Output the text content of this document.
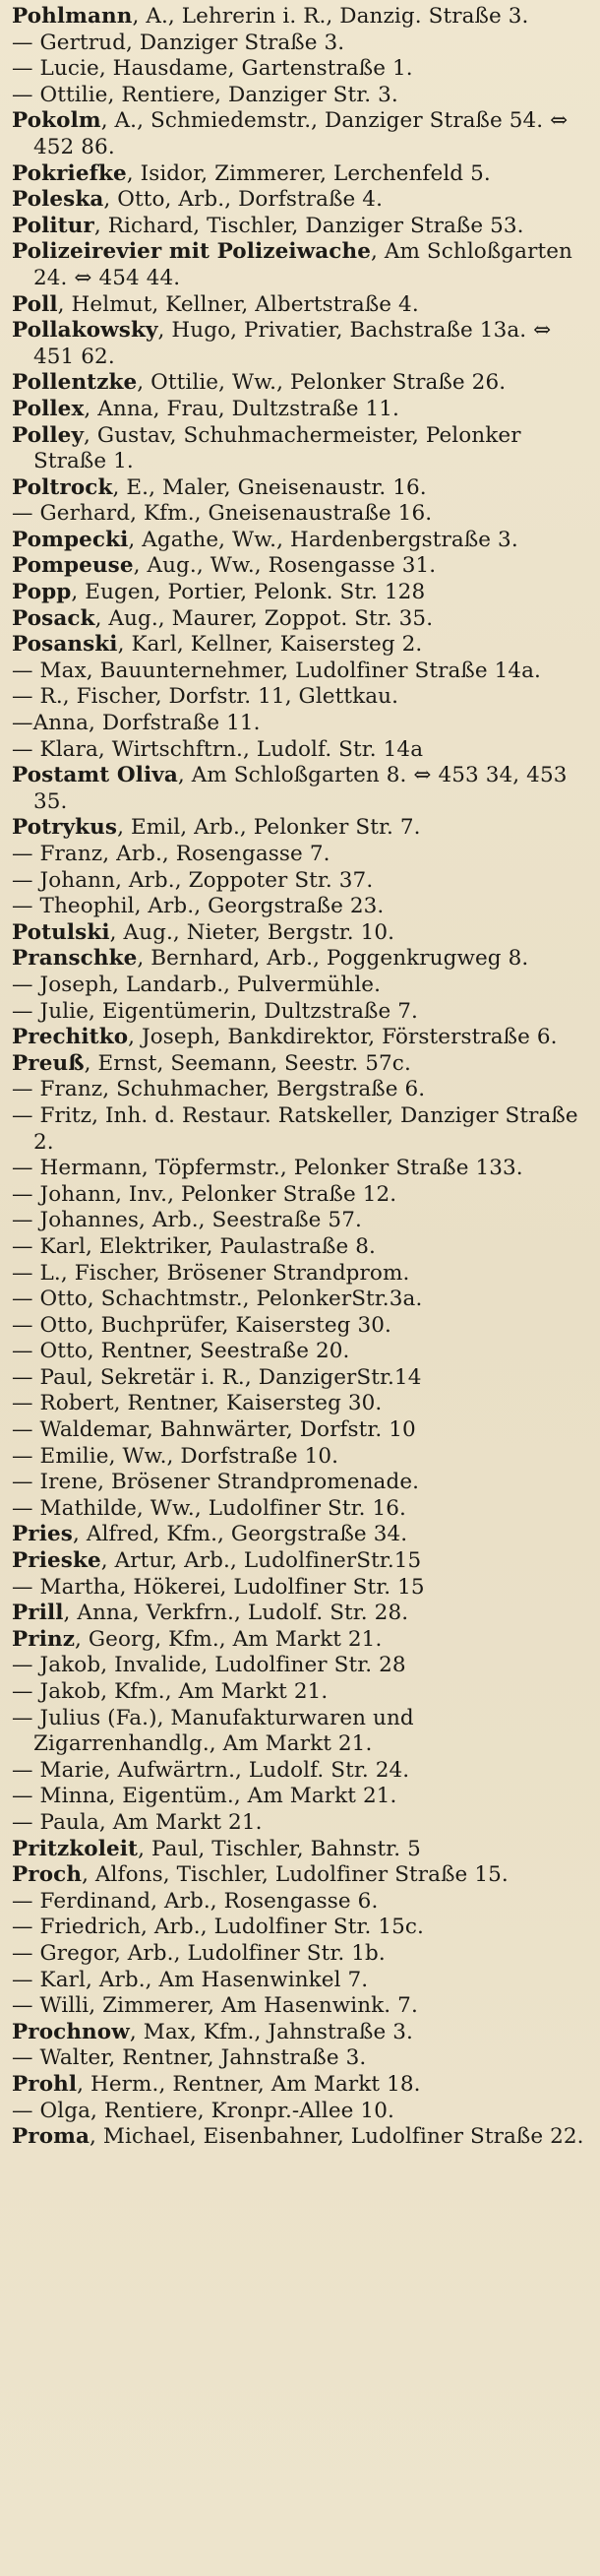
Pohlmann, A., Lehrerin i. R., Danzig. Straße 3.
— Gertrud, Danziger Straße 3.
— Lucie, Hausdame, Gartenstraße 1.
— Ottilie, Rentiere, Danziger Str. 3.
Pokolm, A., Schmiedemstr., Danziger Straße 54. ⇔ 452 86.
Pokriefke, Isidor, Zimmerer, Lerchenfeld 5.
Poleska, Otto, Arb., Dorfstraße 4.
Politur, Richard, Tischler, Danziger Straße 53.
Polizeirevier mit Polizeiwache, Am Schloßgarten 24. ⇔ 454 44.
Poll, Helmut, Kellner, Albertstraße 4.
Pollakowsky, Hugo, Privatier, Bachstraße 13a. ⇔ 451 62.
Pollentzke, Ottilie, Ww., Pelonker Straße 26.
Pollex, Anna, Frau, Dultzstraße 11.
Polley, Gustav, Schuhmachermeister, Pelonker Straße 1.
Poltrock, E., Maler, Gneisenaustr. 16.
— Gerhard, Kfm., Gneisenaustraße 16.
Pompecki, Agathe, Ww., Hardenbergstraße 3.
Pompeuse, Aug., Ww., Rosengasse 31.
Popp, Eugen, Portier, Pelonk. Str. 128
Posack, Aug., Maurer, Zoppot. Str. 35.
Posanski, Karl, Kellner, Kaisersteg 2.
— Max, Bauunternehmer, Ludolfiner Straße 14a.
— R., Fischer, Dorfstr. 11, Glettkau.
—Anna, Dorfstraße 11.
— Klara, Wirtschftrn., Ludolf. Str. 14a
Postamt Oliva, Am Schloßgarten 8. ⇔ 453 34, 453 35.
Potrykus, Emil, Arb., Pelonker Str. 7.
— Franz, Arb., Rosengasse 7.
— Johann, Arb., Zoppoter Str. 37.
— Theophil, Arb., Georgstraße 23.
Potulski, Aug., Nieter, Bergstr. 10.
Pranschke, Bernhard, Arb., Poggenkrugweg 8.
— Joseph, Landarb., Pulvermühle.
— Julie, Eigentümerin, Dultzstraße 7.
Prechitko, Joseph, Bankdirektor, Försterstraße 6.
Preuß, Ernst, Seemann, Seestr. 57c.
— Franz, Schuhmacher, Bergstraße 6.
— Fritz, Inh. d. Restaur. Ratskeller, Danziger Straße 2.
— Hermann, Töpfermstr., Pelonker Straße 133.
— Johann, Inv., Pelonker Straße 12.
— Johannes, Arb., Seestraße 57.
— Karl, Elektriker, Paulastraße 8.
— L., Fischer, Brösener Strandprom.
— Otto, Schachtmstr., PelonkerStr.3a.
— Otto, Buchprüfer, Kaisersteg 30.
— Otto, Rentner, Seestraße 20.
— Paul, Sekretär i. R., DanzigerStr.14
— Robert, Rentner, Kaisersteg 30.
— Waldemar, Bahnwärter, Dorfstr. 10
— Emilie, Ww., Dorfstraße 10.
— Irene, Brösener Strandpromenade.
— Mathilde, Ww., Ludolfiner Str. 16.
Pries, Alfred, Kfm., Georgstraße 34.
Prieske, Artur, Arb., LudolfinerStr.15
— Martha, Hökerei, Ludolfiner Str. 15
Prill, Anna, Verkfrn., Ludolf. Str. 28.
Prinz, Georg, Kfm., Am Markt 21.
— Jakob, Invalide, Ludolfiner Str. 28
— Jakob, Kfm., Am Markt 21.
— Julius (Fa.), Manufakturwaren und Zigarrenhandlg., Am Markt 21.
— Marie, Aufwärtrn., Ludolf. Str. 24.
— Minna, Eigentüm., Am Markt 21.
— Paula, Am Markt 21.
Pritzkoleit, Paul, Tischler, Bahnstr. 5
Proch, Alfons, Tischler, Ludolfiner Straße 15.
— Ferdinand, Arb., Rosengasse 6.
— Friedrich, Arb., Ludolfiner Str. 15c.
— Gregor, Arb., Ludolfiner Str. 1b.
— Karl, Arb., Am Hasenwinkel 7.
— Willi, Zimmerer, Am Hasenwink. 7.
Prochnow, Max, Kfm., Jahnstraße 3.
— Walter, Rentner, Jahnstraße 3.
Prohl, Herm., Rentner, Am Markt 18.
— Olga, Rentiere, Kronpr.-Allee 10.
Proma, Michael, Eisenbahner, Ludolfiner Straße 22.
